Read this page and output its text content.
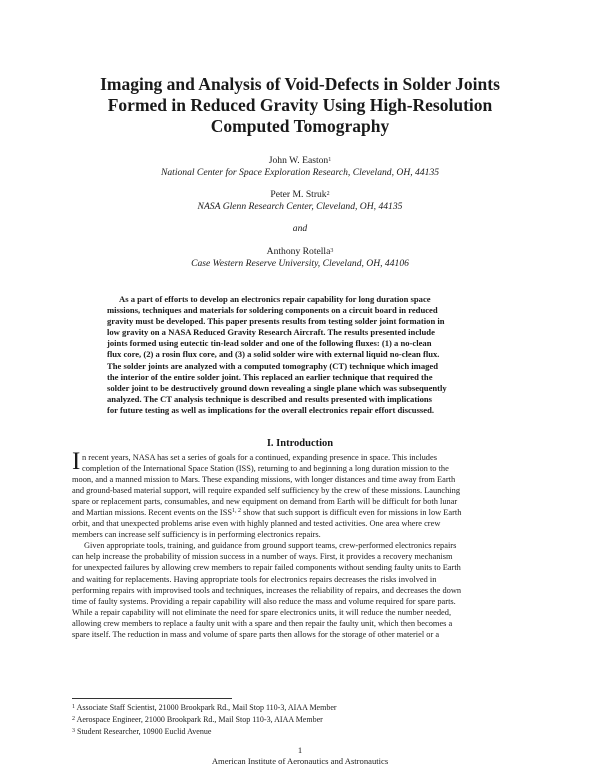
Imaging and Analysis of Void-Defects in Solder Joints
Formed in Reduced Gravity Using High-Resolution
Computed Tomography
John W. Easton$^1$
National Center for Space Exploration Research, Cleveland, OH, 44135
Peter M. Struk$^2$
NASA Glenn Research Center, Cleveland, OH, 44135
and
Anthony Rotella$^3$
Case Western Reserve University, Cleveland, OH, 44106
As a part of efforts to develop an electronics repair capability for long duration space
missions, techniques and materials for soldering components on a circuit board in reduced
gravity must be developed. This paper presents results from testing solder joint formation in
low gravity on a NASA Reduced Gravity Research Aircraft. The results presented include
joints formed using eutectic tin-lead solder and one of the following fluxes: (1) a no-clean
flux core, (2) a rosin flux core, and (3) a solid solder wire with external liquid no-clean flux.
The solder joints are analyzed with a computed tomography (CT) technique which imaged
the interior of the entire solder joint. This replaced an earlier technique that required the
solder joint to be destructively ground down revealing a single plane which was subsequently
analyzed. The CT analysis technique is described and results presented with implications
for future testing as well as implications for the overall electronics repair effort discussed.
I. Introduction
I n recent years, NASA has set a series of goals for a continued, expanding presence in space. This includes
completion of the International Space Station (ISS), returning to and beginning a long duration mission to the
moon, and a manned mission to Mars. These expanding missions, with longer distances and time away from Earth
and ground-based material support, will require expanded self sufficiency by the crew of these missions. Launching
spare or replacement parts, consumables, and new equipment on demand from Earth will be difficult for both lunar
and Martian missions. Recent events on the ISS$^{1, 2}$ show that such support is difficult even for missions in low Earth
orbit, and that unexpected problems arise even with highly planned and tested activities. One area where crew
members can increase self sufficiency is in performing electronics repairs.
Given appropriate tools, training, and guidance from ground support teams, crew-performed electronics repairs
can help increase the probability of mission success in a number of ways. First, it provides a recovery mechanism
for unexpected failures by allowing crew members to repair failed components without sending faulty units to Earth
and waiting for replacements. Having appropriate tools for electronics repairs decreases the risks involved in
performing repairs with improvised tools and techniques, increases the reliability of repairs, and decreases the down
time of faulty systems. Providing a repair capability will also reduce the mass and volume required for spare parts.
While a repair capability will not eliminate the need for spare electronics units, it will reduce the number needed,
allowing crew members to replace a faulty unit with a spare and then repair the faulty unit, which then becomes a
spare itself. The reduction in mass and volume of spare parts then allows for the storage of other materiel or a
$^1$ Associate Staff Scientist, 21000 Brookpark Rd., Mail Stop 110-3, AIAA Member
$^2$ Aerospace Engineer, 21000 Brookpark Rd., Mail Stop 110-3, AIAA Member
$^3$ Student Researcher, 10900 Euclid Avenue
1
American Institute of Aeronautics and Astronautics
